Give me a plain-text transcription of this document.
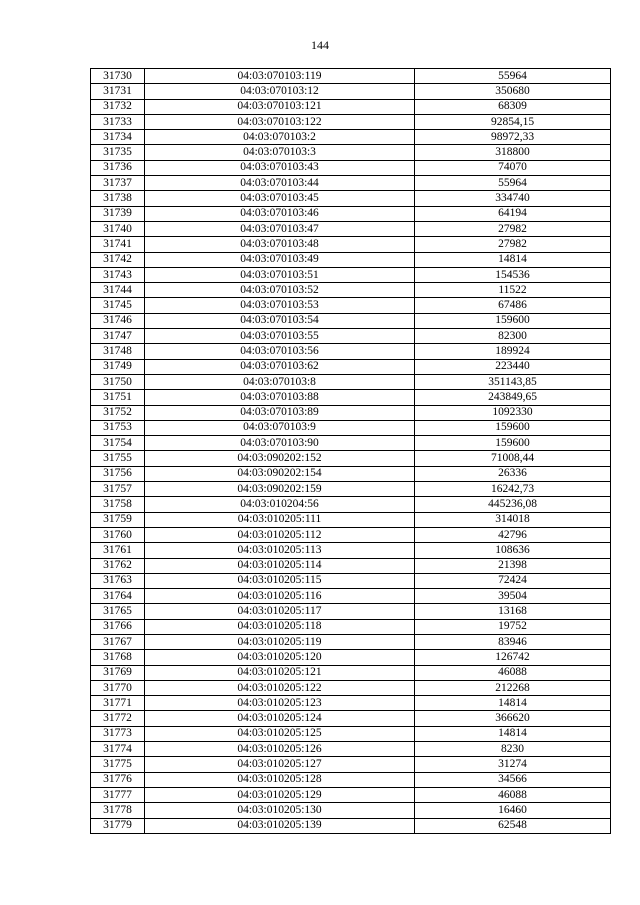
144
31730	04:03:070103:119	55964
31731	04:03:070103:12	350680
31732	04:03:070103:121	68309
31733	04:03:070103:122	92854,15
31734	04:03:070103:2	98972,33
31735	04:03:070103:3	318800
31736	04:03:070103:43	74070
31737	04:03:070103:44	55964
31738	04:03:070103:45	334740
31739	04:03:070103:46	64194
31740	04:03:070103:47	27982
31741	04:03:070103:48	27982
31742	04:03:070103:49	14814
31743	04:03:070103:51	154536
31744	04:03:070103:52	11522
31745	04:03:070103:53	67486
31746	04:03:070103:54	159600
31747	04:03:070103:55	82300
31748	04:03:070103:56	189924
31749	04:03:070103:62	223440
31750	04:03:070103:8	351143,85
31751	04:03:070103:88	243849,65
31752	04:03:070103:89	1092330
31753	04:03:070103:9	159600
31754	04:03:070103:90	159600
31755	04:03:090202:152	71008,44
31756	04:03:090202:154	26336
31757	04:03:090202:159	16242,73
31758	04:03:010204:56	445236,08
31759	04:03:010205:111	314018
31760	04:03:010205:112	42796
31761	04:03:010205:113	108636
31762	04:03:010205:114	21398
31763	04:03:010205:115	72424
31764	04:03:010205:116	39504
31765	04:03:010205:117	13168
31766	04:03:010205:118	19752
31767	04:03:010205:119	83946
31768	04:03:010205:120	126742
31769	04:03:010205:121	46088
31770	04:03:010205:122	212268
31771	04:03:010205:123	14814
31772	04:03:010205:124	366620
31773	04:03:010205:125	14814
31774	04:03:010205:126	8230
31775	04:03:010205:127	31274
31776	04:03:010205:128	34566
31777	04:03:010205:129	46088
31778	04:03:010205:130	16460
31779	04:03:010205:139	62548
